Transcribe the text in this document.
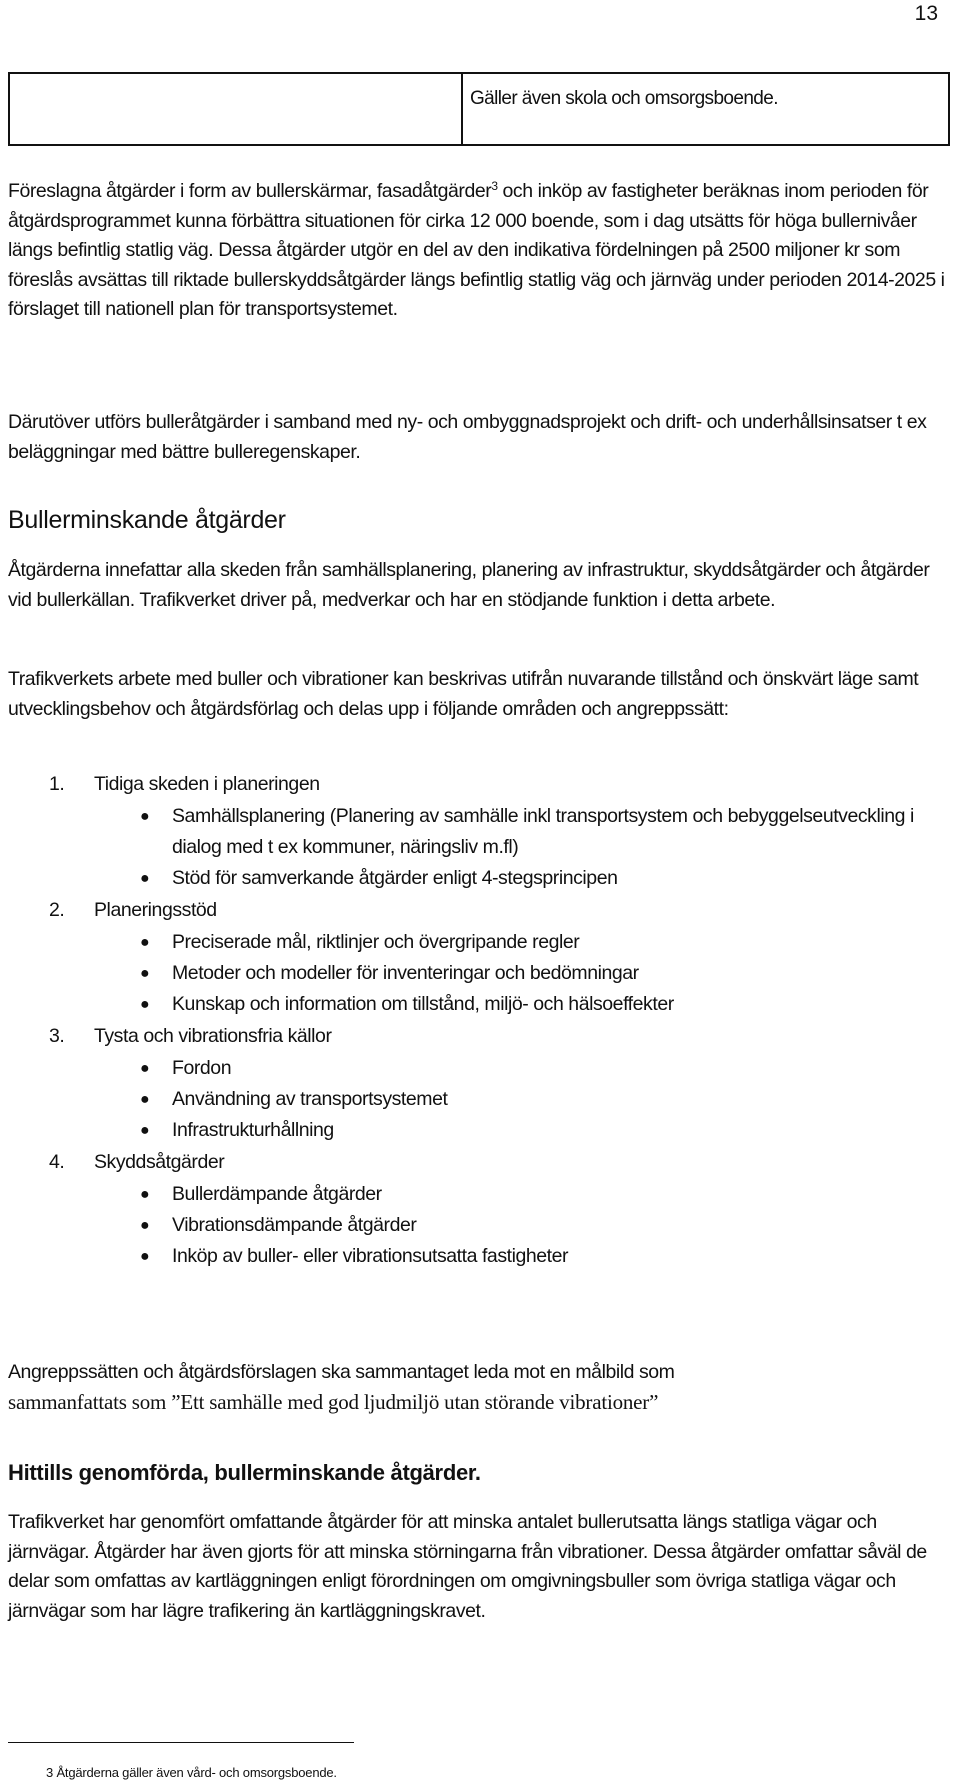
13
Gäller även skola och omsorgsboende.

Föreslagna åtgärder i form av bullerskärmar, fasadåtgärder$^3$ och inköp av fastigheter beräknas inom perioden för åtgärdsprogrammet kunna förbättra situationen för cirka 12 000 boende, som i dag utsätts för höga bullernivåer längs befintlig statlig väg. Dessa åtgärder utgör en del av den indikativa fördelningen på 2500 miljoner kr som föreslås avsättas till riktade bullerskyddsåtgärder längs befintlig statlig väg och järnväg under perioden 2014-2025 i förslaget till nationell plan för transportsystemet.

Därutöver utförs bulleråtgärder i samband med ny- och ombyggnadsprojekt och drift- och underhållsinsatser t ex beläggningar med bättre bulleregenskaper.

Bullerminskande åtgärder

Åtgärderna innefattar alla skeden från samhällsplanering, planering av infrastruktur, skyddsåtgärder och åtgärder vid bullerkällan. Trafikverket driver på, medverkar och har en stödjande funktion i detta arbete.

Trafikverkets arbete med buller och vibrationer kan beskrivas utifrån nuvarande tillstånd och önskvärt läge samt utvecklingsbehov och åtgärdsförlag och delas upp i följande områden och angreppssätt:

1.	Tidiga skeden i planeringen
●	Samhällsplanering (Planering av samhälle inkl transportsystem och bebyggelseutveckling i dialog med t ex kommuner, näringsliv m.fl)
●	Stöd för samverkande åtgärder enligt 4-stegsprincipen
2.	Planeringsstöd
●	Preciserade mål, riktlinjer och övergripande regler
●	Metoder och modeller för inventeringar och bedömningar
●	Kunskap och information om tillstånd, miljö- och hälsoeffekter
3.	Tysta och vibrationsfria källor
●	Fordon
●	Användning av transportsystemet
●	Infrastrukturhållning
4.	Skyddsåtgärder
●	Bullerdämpande åtgärder
●	Vibrationsdämpande åtgärder
●	Inköp av buller- eller vibrationsutsatta fastigheter

Angreppssätten och åtgärdsförslagen ska sammantaget leda mot en målbild som
sammanfattats som ”Ett samhälle med god ljudmiljö utan störande vibrationer”

Hittills genomförda, bullerminskande åtgärder.

Trafikverket har genomfört omfattande åtgärder för att minska antalet bullerutsatta längs statliga vägar och järnvägar. Åtgärder har även gjorts för att minska störningarna från vibrationer. Dessa åtgärder omfattar såväl de delar som omfattas av kartläggningen enligt förordningen om omgivningsbuller som övriga statliga vägar och järnvägar som har lägre trafikering än kartläggningskravet.

3 Åtgärderna gäller även vård- och omsorgsboende.
